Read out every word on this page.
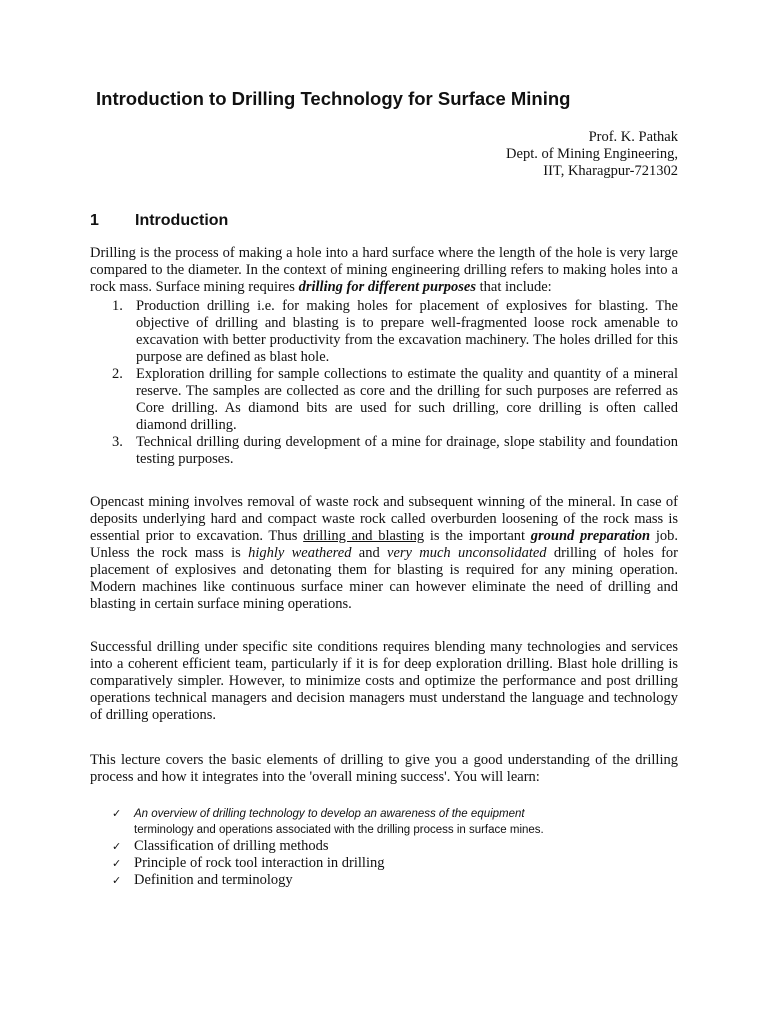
Introduction to Drilling Technology for Surface Mining
Prof. K. Pathak
Dept. of Mining Engineering,
IIT, Kharagpur-721302
1 Introduction

Drilling is the process of making a hole into a hard surface where the length of the hole is very large compared to the diameter. In the context of mining engineering drilling refers to making holes into a rock mass. Surface mining requires drilling for different purposes that include:

1. Production drilling i.e. for making holes for placement of explosives for blasting. The objective of drilling and blasting is to prepare well-fragmented loose rock amenable to excavation with better productivity from the excavation machinery. The holes drilled for this purpose are defined as blast hole.
2. Exploration drilling for sample collections to estimate the quality and quantity of a mineral reserve. The samples are collected as core and the drilling for such purposes are referred as Core drilling. As diamond bits are used for such drilling, core drilling is often called diamond drilling.
3. Technical drilling during development of a mine for drainage, slope stability and foundation testing purposes.

Opencast mining involves removal of waste rock and subsequent winning of the mineral. In case of deposits underlying hard and compact waste rock called overburden loosening of the rock mass is essential prior to excavation. Thus drilling and blasting is the important ground preparation job. Unless the rock mass is highly weathered and very much unconsolidated drilling of holes for placement of explosives and detonating them for blasting is required for any mining operation. Modern machines like continuous surface miner can however eliminate the need of drilling and blasting in certain surface mining operations.

Successful drilling under specific site conditions requires blending many technologies and services into a coherent efficient team, particularly if it is for deep exploration drilling. Blast hole drilling is comparatively simpler. However, to minimize costs and optimize the performance and post drilling operations technical managers and decision managers must understand the language and technology of drilling operations.

This lecture covers the basic elements of drilling to give you a good understanding of the drilling process and how it integrates into the 'overall mining success'. You will learn:

✓ An overview of drilling technology to develop an awareness of the equipment
terminology and operations associated with the drilling process in surface mines.
✓ Classification of drilling methods
✓ Principle of rock tool interaction in drilling
✓ Definition and terminology
